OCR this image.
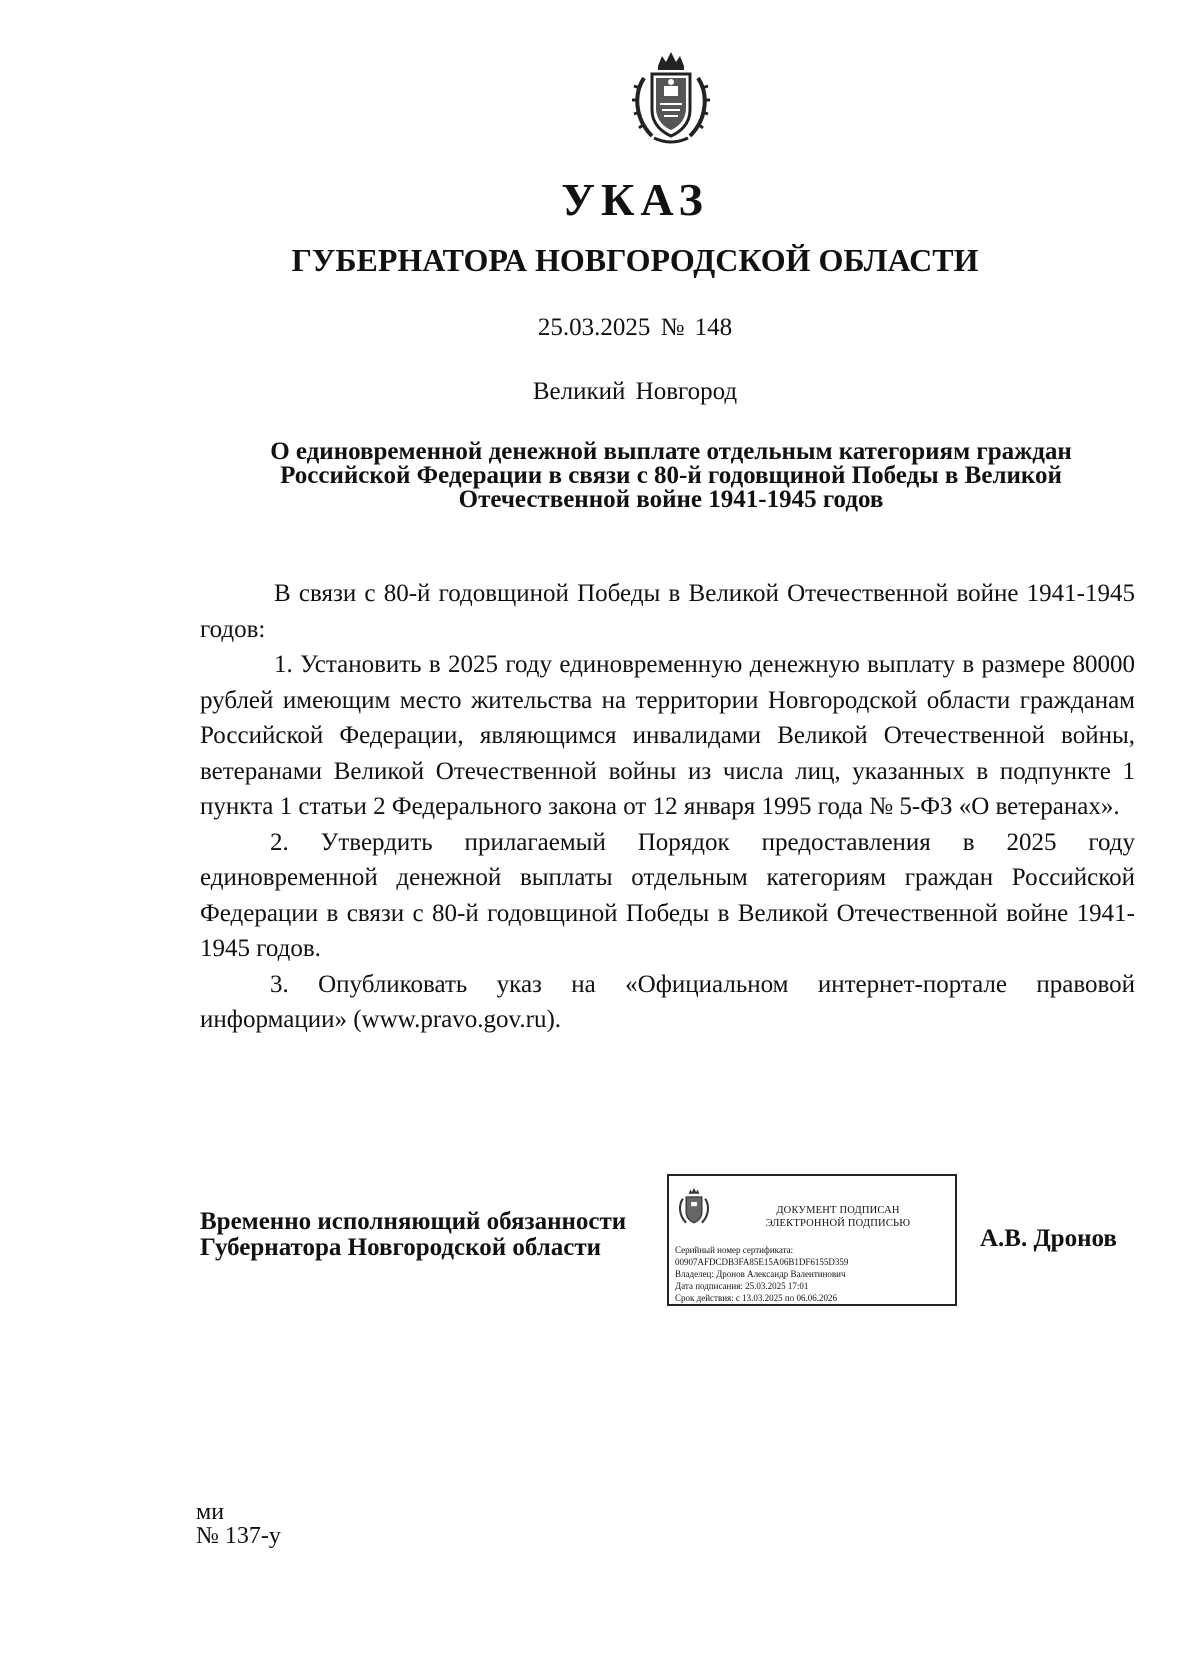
УКАЗ
ГУБЕРНАТОРА НОВГОРОДСКОЙ ОБЛАСТИ
25.03.2025 № 148
Великий Новгород
О единовременной денежной выплате отдельным категориям граждан
Российской Федерации в связи с 80-й годовщиной Победы в Великой
Отечественной войне 1941-1945 годов

В связи с 80-й годовщиной Победы в Великой Отечественной войне 1941-1945 годов:

1. Установить в 2025 году единовременную денежную выплату в размере 80000 рублей имеющим место жительства на территории Новгородской области гражданам Российской Федерации, являющимся инвалидами Великой Отечественной войны, ветеранами Великой Отечественной войны из числа лиц, указанных в подпункте 1 пункта 1 статьи 2 Федерального закона от 12 января 1995 года № 5-ФЗ «О ветеранах».

2. Утвердить прилагаемый Порядок предоставления в 2025 году единовременной денежной выплаты отдельным категориям граждан Российской Федерации в связи с 80-й годовщиной Победы в Великой Отечественной войне 1941-1945 годов.

3. Опубликовать указ на «Официальном интернет-портале правовой информации» (www.pravo.gov.ru).

Временно исполняющий обязанности
Губернатора Новгородской области
ДОКУМЕНТ ПОДПИСАН
ЭЛЕКТРОННОЙ ПОДПИСЬЮ
Серийный номер сертификата:
00907AFDCDB3FA85E15A06B1DF6155D359
Владелец: Дронов Александр Валентинович
Дата подписания: 25.03.2025 17:01
Срок действия: с 13.03.2025 по 06.06.2026
А.В. Дронов
ми
№ 137-у
